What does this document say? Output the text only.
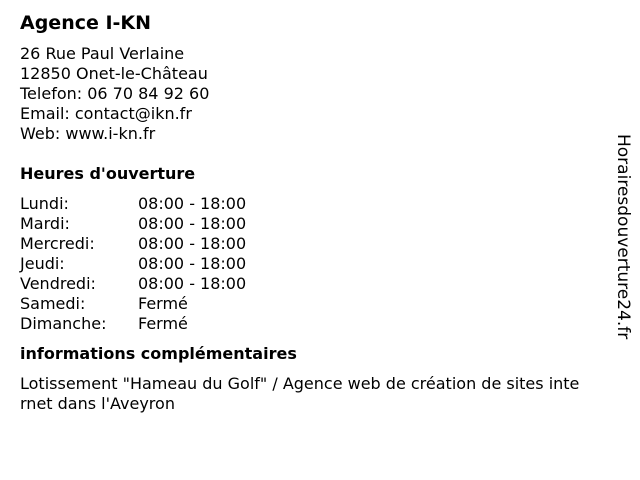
Agence I-KN
26 Rue Paul Verlaine
12850 Onet-le-Château
Telefon: 06 70 84 92 60
Email: contact@ikn.fr
Web: www.i-kn.fr
Heures d'ouverture
Lundi:	08:00 - 18:00
Mardi:	08:00 - 18:00
Mercredi:	08:00 - 18:00
Jeudi:	08:00 - 18:00
Vendredi:	08:00 - 18:00
Samedi:	Fermé
Dimanche:	Fermé
informations complémentaires
Lotissement "Hameau du Golf" / Agence web de création de sites internet dans l'Aveyron
Horairesdouverture24.fr
